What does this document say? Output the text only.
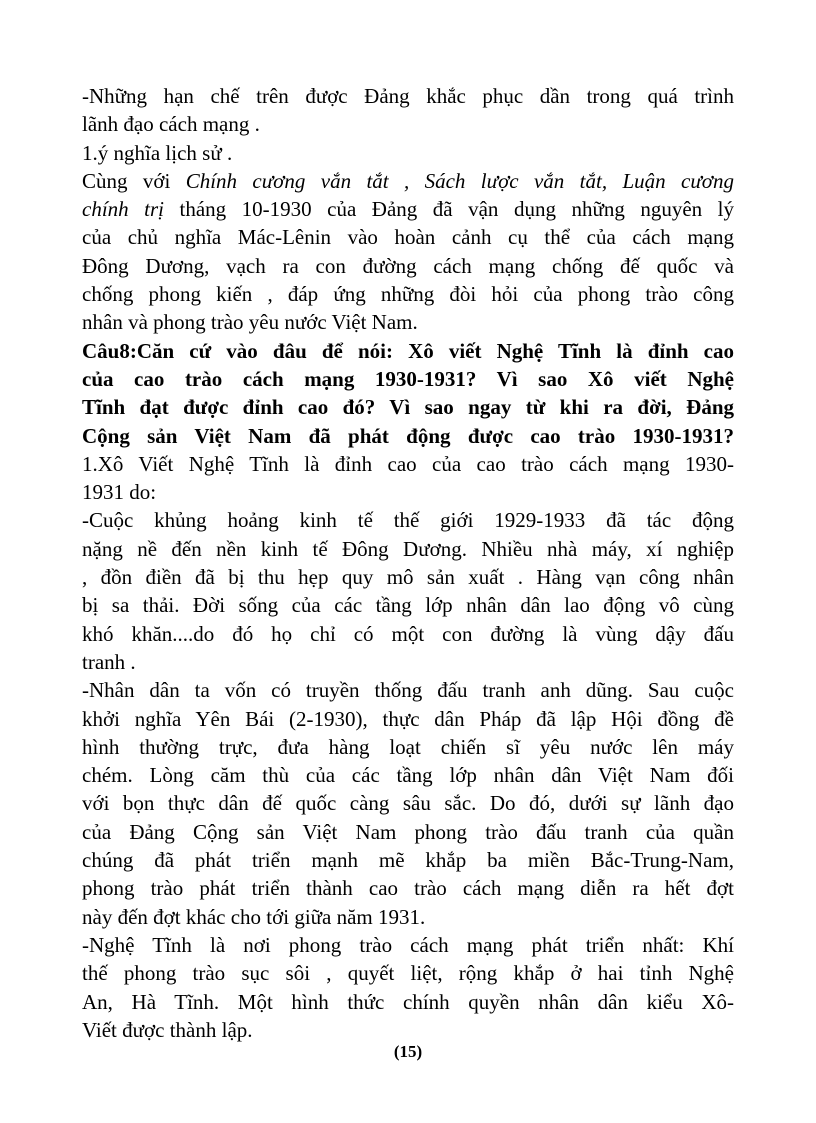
-Những hạn chế trên được Đảng khắc phục dần trong quá trình
lãnh đạo cách mạng .
1.ý nghĩa lịch sử .
Cùng với Chính cương vắn tắt , Sách lược vắn tắt, Luận cương
chính trị tháng 10-1930 của Đảng đã vận dụng những nguyên lý
của chủ nghĩa Mác-Lênin vào hoàn cảnh cụ thể của cách mạng
Đông Dương, vạch ra con đường cách mạng chống đế quốc và
chống phong kiến , đáp ứng những đòi hỏi của phong trào công
nhân và phong trào yêu nước Việt Nam.
Câu8:Căn cứ vào đâu để nói: Xô viết Nghệ Tĩnh là đỉnh cao
của cao trào cách mạng 1930-1931? Vì sao Xô viết Nghệ
Tĩnh đạt được đỉnh cao đó? Vì sao ngay từ khi ra đời, Đảng
Cộng sản Việt Nam đã phát động được cao trào 1930-1931?
1.Xô Viết Nghệ Tĩnh là đỉnh cao của cao trào cách mạng 1930-
1931 do:
-Cuộc khủng hoảng kinh tế thế giới 1929-1933 đã tác động
nặng nề đến nền kinh tế Đông Dương. Nhiều nhà máy, xí nghiệp
, đồn điền đã bị thu hẹp quy mô sản xuất . Hàng vạn công nhân
bị sa thải. Đời sống của các tầng lớp nhân dân lao động vô cùng
khó khăn....do đó họ chỉ có một con đường là vùng dậy đấu
tranh .
-Nhân dân ta vốn có truyền thống đấu tranh anh dũng. Sau cuộc
khởi nghĩa Yên Bái (2-1930), thực dân Pháp đã lập Hội đồng đề
hình thường trực, đưa hàng loạt chiến sĩ yêu nước lên máy
chém. Lòng căm thù của các tầng lớp nhân dân Việt Nam đối
với bọn thực dân đế quốc càng sâu sắc. Do đó, dưới sự lãnh đạo
của Đảng Cộng sản Việt Nam phong trào đấu tranh của quần
chúng đã phát triển mạnh mẽ khắp ba miền Bắc-Trung-Nam,
phong trào phát triển thành cao trào cách mạng diễn ra hết đợt
này đến đợt khác cho tới giữa năm 1931.
-Nghệ Tĩnh là nơi phong trào cách mạng phát triển nhất: Khí
thế phong trào sục sôi , quyết liệt, rộng khắp ở hai tỉnh Nghệ
An, Hà Tĩnh. Một hình thức chính quyền nhân dân kiểu Xô-
Viết được thành lập.
(15)
